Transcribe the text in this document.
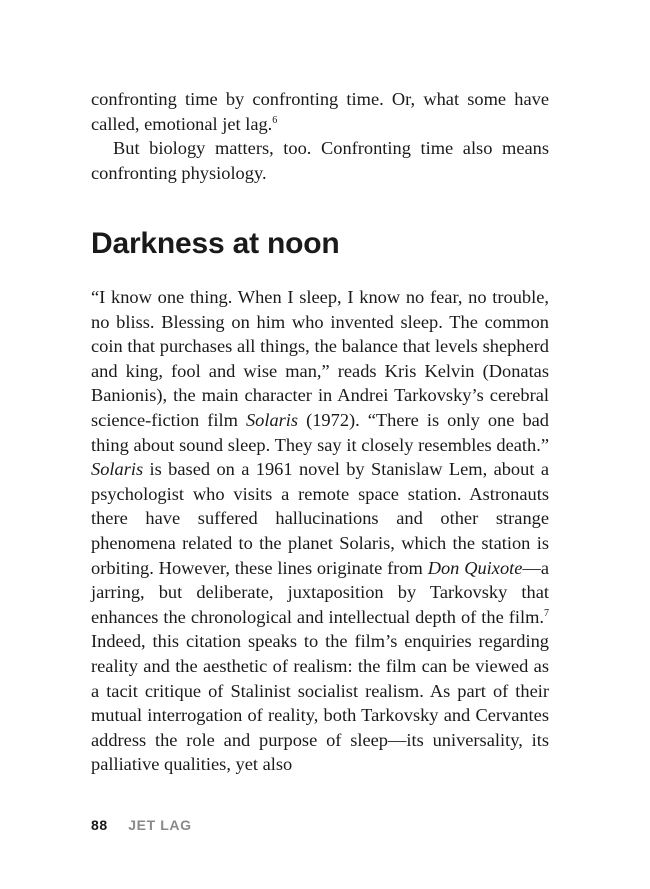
confronting time by confronting time. Or, what some have called, emotional jet lag.$^6$

But biology matters, too. Confronting time also means confronting physiology.

Darkness at noon

“I know one thing. When I sleep, I know no fear, no trouble, no bliss. Blessing on him who invented sleep. The common coin that purchases all things, the balance that levels shepherd and king, fool and wise man,” reads Kris Kelvin (Donatas Banionis), the main character in Andrei Tarkovsky’s cerebral science-fiction film Solaris (1972). “There is only one bad thing about sound sleep. They say it closely resembles death.” Solaris is based on a 1961 novel by Stanislaw Lem, about a psychologist who visits a remote space station. Astronauts there have suffered hallucinations and other strange phenomena related to the planet Solaris, which the station is orbiting. However, these lines originate from Don Quixote—a jarring, but deliberate, juxtaposition by Tarkovsky that enhances the chronological and intellectual depth of the film.$^7$ Indeed, this citation speaks to the film’s enquiries regarding reality and the aesthetic of realism: the film can be viewed as a tacit critique of Stalinist socialist realism. As part of their mutual interrogation of reality, both Tarkovsky and Cervantes address the role and purpose of sleep—its universality, its palliative qualities, yet also

88 JET LAG
